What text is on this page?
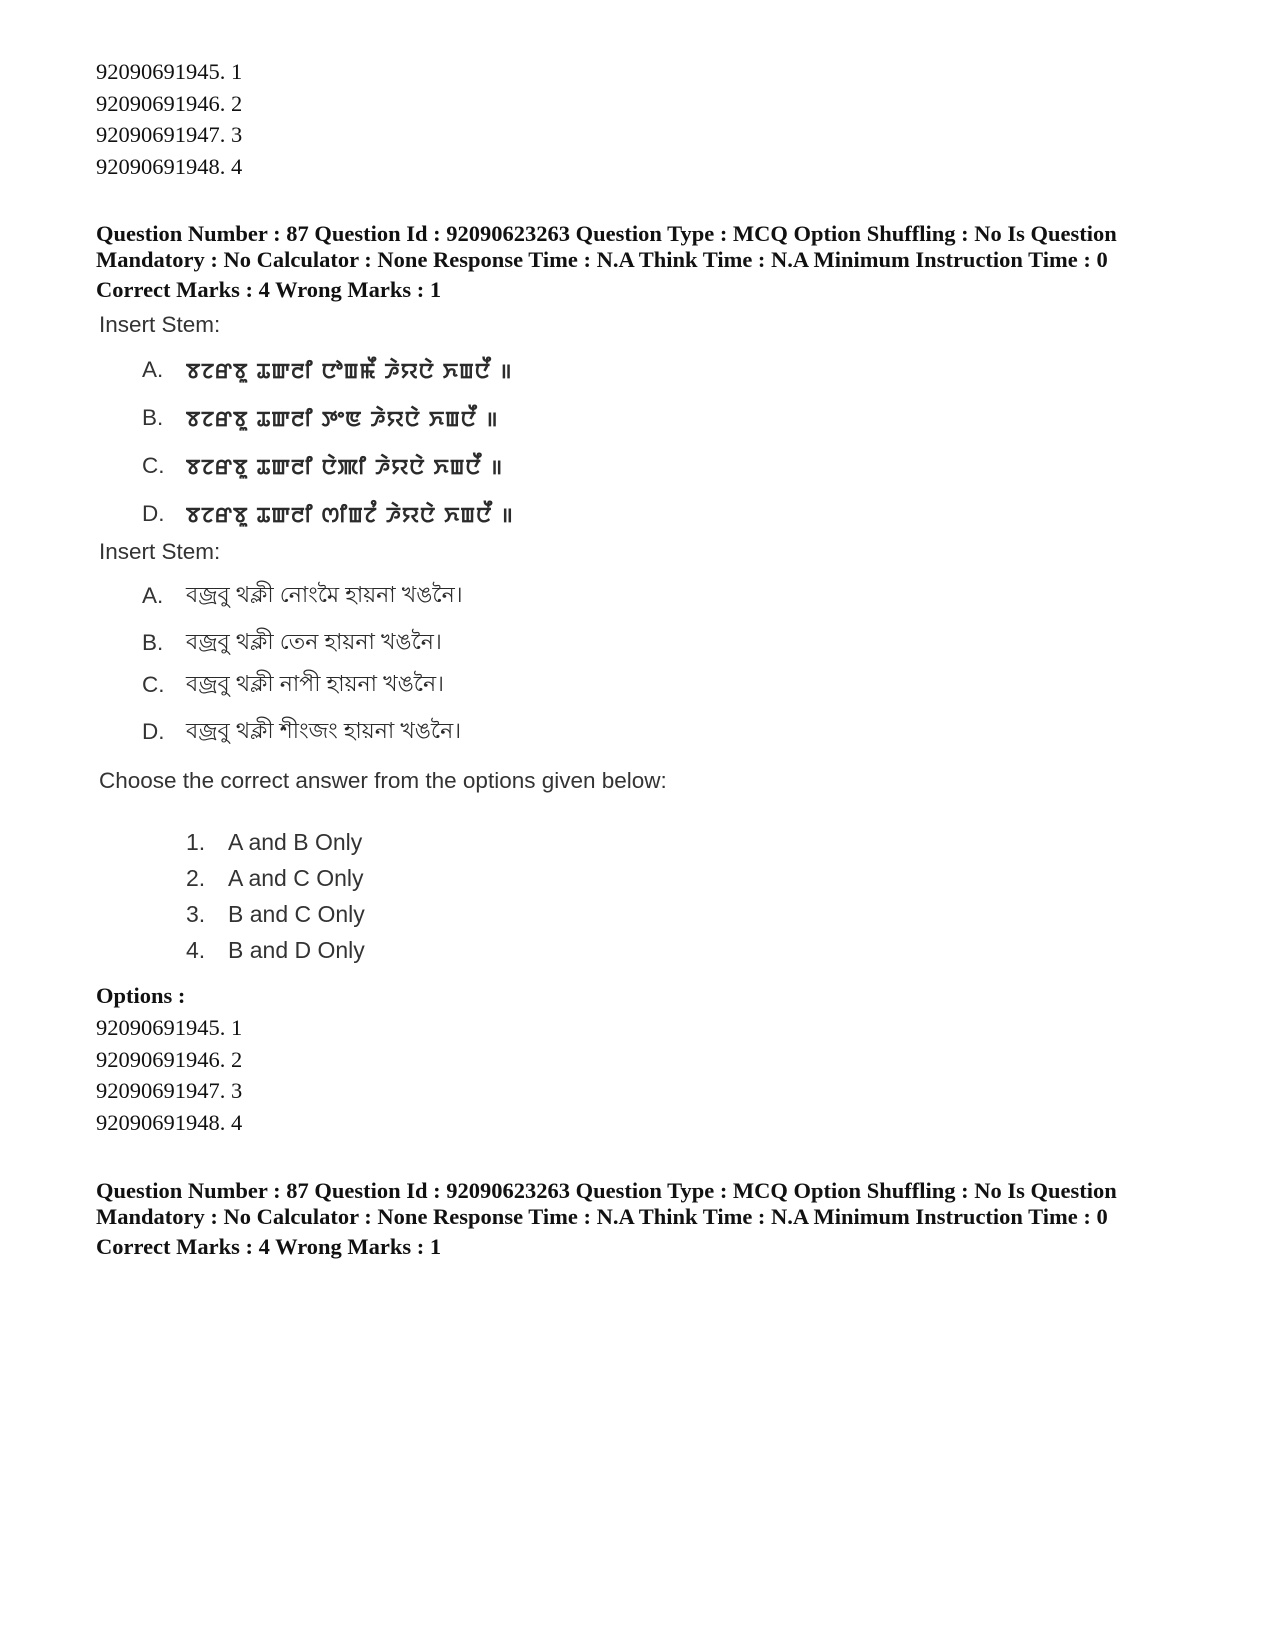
92090691945. 1
92090691946. 2
92090691947. 3
92090691948. 4
Question Number : 87 Question Id : 92090623263 Question Type : MCQ Option Shuffling : No Is Question
Mandatory : No Calculator : None Response Time : N.A Think Time : N.A Minimum Instruction Time : 0
Correct Marks : 4 Wrong Marks : 1
Insert Stem:
A.	ꯕꯖꯔꯕꯨ ꯊꯛꯂꯤ ꯅꯣꯡꯃꯩ ꯍꯥꯌꯅꯥ ꯈꯡꯅꯩ ॥
B.	ꯕꯖꯔꯕꯨ ꯊꯛꯂꯤ ꯇꯦꯟ ꯍꯥꯌꯅꯥ ꯈꯡꯅꯩ ॥
C.	ꯕꯖꯔꯕꯨ ꯊꯛꯂꯤ ꯅꯥꯄꯤ ꯍꯥꯌꯅꯥ ꯈꯡꯅꯩ ॥
D.	ꯕꯖꯔꯕꯨ ꯊꯛꯂꯤ ꯁꯤꯡꯖꯪ ꯍꯥꯌꯅꯥ ꯈꯡꯅꯩ ॥
Insert Stem:
A.	বজ্রবু থক্লী নোংমৈ হায়না খঙনৈ।
B.	বজ্রবু থক্লী তেন হায়না খঙনৈ।
C. বজ্রবু থক্লী নাপী হায়না খঙনৈ।
D. বজ্রবু থক্লী শীংজং হায়না খঙনৈ।
Choose the correct answer from the options given below:
1. A and B Only
2. A and C Only
3. B and C Only
4. B and D Only
Options :
92090691945. 1
92090691946. 2
92090691947. 3
92090691948. 4
Question Number : 87 Question Id : 92090623263 Question Type : MCQ Option Shuffling : No Is Question
Mandatory : No Calculator : None Response Time : N.A Think Time : N.A Minimum Instruction Time : 0
Correct Marks : 4 Wrong Marks : 1
